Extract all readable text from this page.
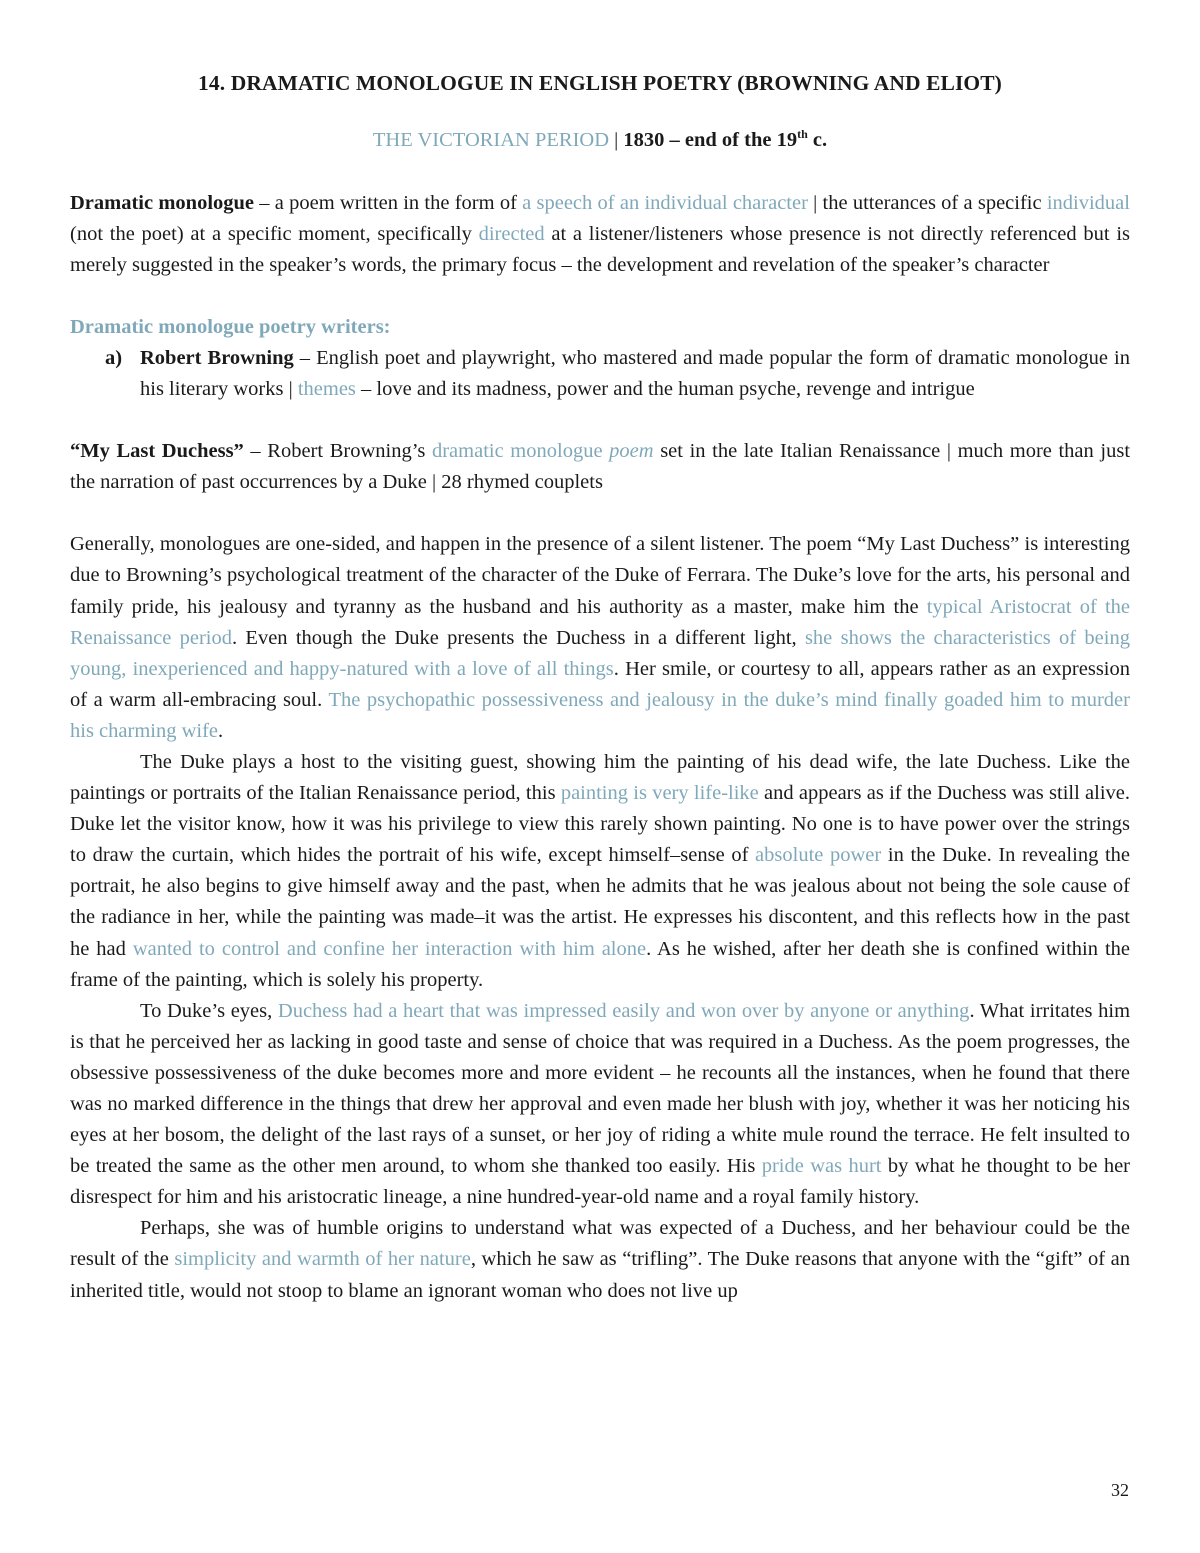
14. DRAMATIC MONOLOGUE IN ENGLISH POETRY (BROWNING AND ELIOT)
THE VICTORIAN PERIOD | 1830 – end of the 19th c.

Dramatic monologue – a poem written in the form of a speech of an individual character | the utterances of a specific individual (not the poet) at a specific moment, specifically directed at a listener/listeners whose presence is not directly referenced but is merely suggested in the speaker’s words, the primary focus – the development and revelation of the speaker’s character

Dramatic monologue poetry writers:
a) Robert Browning – English poet and playwright, who mastered and made popular the form of dramatic monologue in his literary works | themes – love and its madness, power and the human psyche, revenge and intrigue

“My Last Duchess” – Robert Browning’s dramatic monologue poem set in the late Italian Renaissance | much more than just the narration of past occurrences by a Duke | 28 rhymed couplets

Generally, monologues are one-sided, and happen in the presence of a silent listener. The poem “My Last Duchess” is interesting due to Browning’s psychological treatment of the character of the Duke of Ferrara. The Duke’s love for the arts, his personal and family pride, his jealousy and tyranny as the husband and his authority as a master, make him the typical Aristocrat of the Renaissance period. Even though the Duke presents the Duchess in a different light, she shows the characteristics of being young, inexperienced and happy-natured with a love of all things. Her smile, or courtesy to all, appears rather as an expression of a warm all-embracing soul. The psychopathic possessiveness and jealousy in the duke’s mind finally goaded him to murder his charming wife.

The Duke plays a host to the visiting guest, showing him the painting of his dead wife, the late Duchess. Like the paintings or portraits of the Italian Renaissance period, this painting is very life-like and appears as if the Duchess was still alive. Duke let the visitor know, how it was his privilege to view this rarely shown painting. No one is to have power over the strings to draw the curtain, which hides the portrait of his wife, except himself–sense of absolute power in the Duke. In revealing the portrait, he also begins to give himself away and the past, when he admits that he was jealous about not being the sole cause of the radiance in her, while the painting was made–it was the artist. He expresses his discontent, and this reflects how in the past he had wanted to control and confine her interaction with him alone. As he wished, after her death she is confined within the frame of the painting, which is solely his property.

To Duke’s eyes, Duchess had a heart that was impressed easily and won over by anyone or anything. What irritates him is that he perceived her as lacking in good taste and sense of choice that was required in a Duchess. As the poem progresses, the obsessive possessiveness of the duke becomes more and more evident – he recounts all the instances, when he found that there was no marked difference in the things that drew her approval and even made her blush with joy, whether it was her noticing his eyes at her bosom, the delight of the last rays of a sunset, or her joy of riding a white mule round the terrace. He felt insulted to be treated the same as the other men around, to whom she thanked too easily. His pride was hurt by what he thought to be her disrespect for him and his aristocratic lineage, a nine hundred-year-old name and a royal family history.

Perhaps, she was of humble origins to understand what was expected of a Duchess, and her behaviour could be the result of the simplicity and warmth of her nature, which he saw as “trifling”. The Duke reasons that anyone with the “gift” of an inherited title, would not stoop to blame an ignorant woman who does not live up

32
